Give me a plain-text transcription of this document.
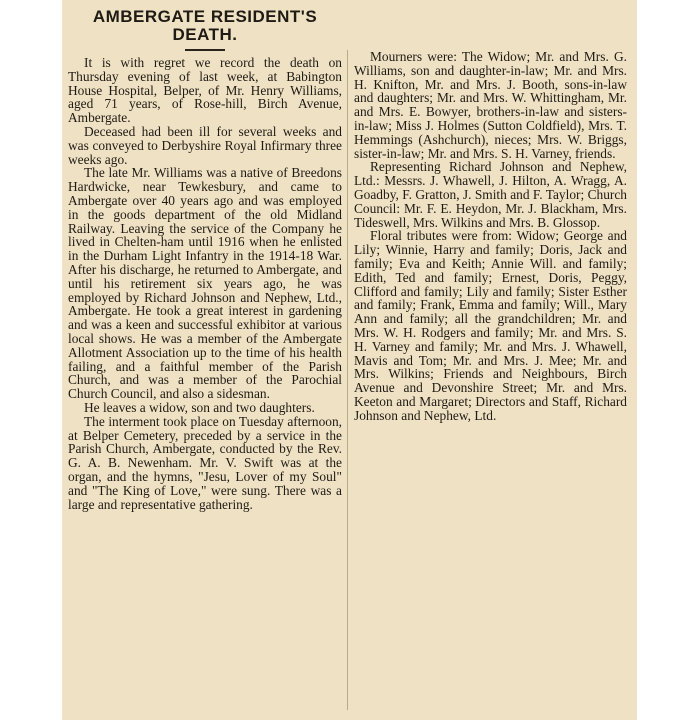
AMBERGATE RESIDENT'S
DEATH.

It is with regret we record the death on Thursday evening of last week, at Babington House Hospital, Belper, of Mr. Henry Williams, aged 71 years, of Rose-hill, Birch Avenue, Ambergate.

Deceased had been ill for several weeks and was conveyed to Derbyshire Royal Infirmary three weeks ago.

The late Mr. Williams was a native of Breedons Hardwicke, near Tewkesbury, and came to Ambergate over 40 years ago and was employed in the goods department of the old Midland Railway. Leaving the service of the Company he lived in Chelten-ham until 1916 when he enlisted in the Durham Light Infantry in the 1914-18 War. After his discharge, he returned to Ambergate, and until his retirement six years ago, he was employed by Richard Johnson and Nephew, Ltd., Ambergate. He took a great interest in gardening and was a keen and successful exhibitor at various local shows. He was a member of the Ambergate Allotment Association up to the time of his health failing, and a faithful member of the Parish Church, and was a member of the Parochial Church Council, and also a sidesman.

He leaves a widow, son and two daughters.

The interment took place on Tuesday afternoon, at Belper Cemetery, preceded by a service in the Parish Church, Ambergate, conducted by the Rev. G. A. B. Newenham. Mr. V. Swift was at the organ, and the hymns, "Jesu, Lover of my Soul" and "The King of Love," were sung. There was a large and representative gathering.

Mourners were: The Widow; Mr. and Mrs. G. Williams, son and daughter-in-law; Mr. and Mrs. H. Knifton, Mr. and Mrs. J. Booth, sons-in-law and daughters; Mr. and Mrs. W. Whittingham, Mr. and Mrs. E. Bowyer, brothers-in-law and sisters-in-law; Miss J. Holmes (Sutton Coldfield), Mrs. T. Hemmings (Ashchurch), nieces; Mrs. W. Briggs, sister-in-law; Mr. and Mrs. S. H. Varney, friends.

Representing Richard Johnson and Nephew, Ltd.: Messrs. J. Whawell, J. Hilton, A. Wragg, A. Goadby, F. Gratton, J. Smith and F. Taylor; Church Council: Mr. F. E. Heydon, Mr. J. Blackham, Mrs. Tideswell, Mrs. Wilkins and Mrs. B. Glossop.

Floral tributes were from: Widow; George and Lily; Winnie, Harry and family; Doris, Jack and family; Eva and Keith; Annie Will. and family; Edith, Ted and family; Ernest, Doris, Peggy, Clifford and family; Lily and family; Sister Esther and family; Frank, Emma and family; Will., Mary Ann and family; all the grandchildren; Mr. and Mrs. W. H. Rodgers and family; Mr. and Mrs. S. H. Varney and family; Mr. and Mrs. J. Whawell, Mavis and Tom; Mr. and Mrs. J. Mee; Mr. and Mrs. Wilkins; Friends and Neighbours, Birch Avenue and Devonshire Street; Mr. and Mrs. Keeton and Margaret; Directors and Staff, Richard Johnson and Nephew, Ltd.
